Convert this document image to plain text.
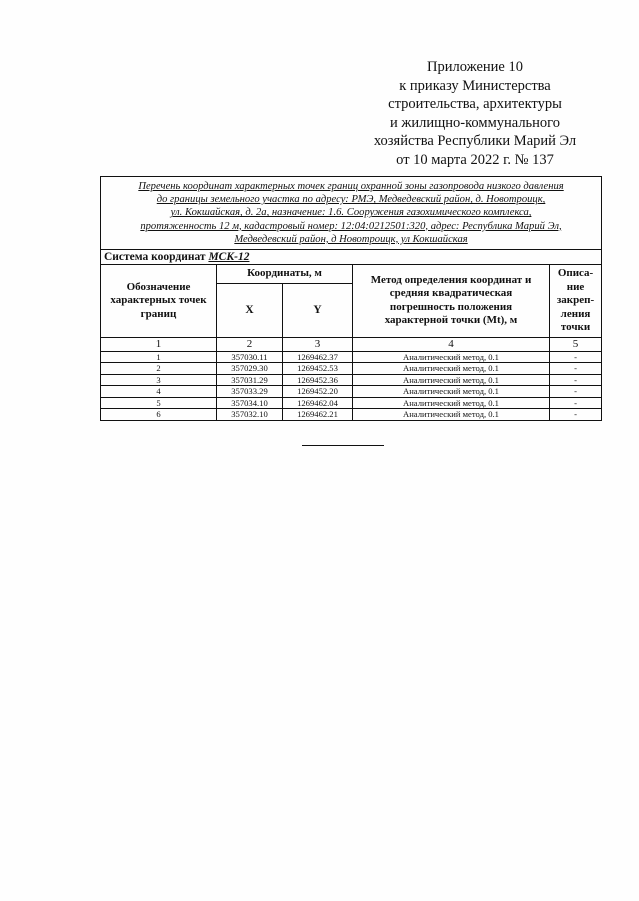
Приложение 10
к приказу Министерства
строительства, архитектуры
и жилищно-коммунального
хозяйства Республики Марий Эл
от 10 марта 2022 г. № 137
Перечень координат характерных точек границ охранной зоны газопровода низкого давления
до границы земельного участка по адресу: РМЭ, Медведевский район, д. Новотроицк,
ул. Кокшайская, д. 2а, назначение: 1.6. Сооружения газохимического комплекса,
протяженность 12 м, кадастровый номер: 12:04:0212501:320, адрес: Республика Марий Эл,
Медведевский район, д Новотроицк, ул Кокшайская				

Система координат МСК-12				
Обозначение характерных точек границ	Координаты, м		Метод определения координат и средняя квадратическая погрешность положения характерной точки (Mt), м	Описа-ние закреп-ления точки
	X	Y		
1	2	3	4	5
1	357030.11	1269462.37	Аналитический метод, 0.1	-
2	357029.30	1269452.53	Аналитический метод, 0.1	-
3	357031.29	1269452.36	Аналитический метод, 0.1	-
4	357033.29	1269452.20	Аналитический метод, 0.1	-
5	357034.10	1269462.04	Аналитический метод, 0.1	-
6	357032.10	1269462.21	Аналитический метод, 0.1	-
